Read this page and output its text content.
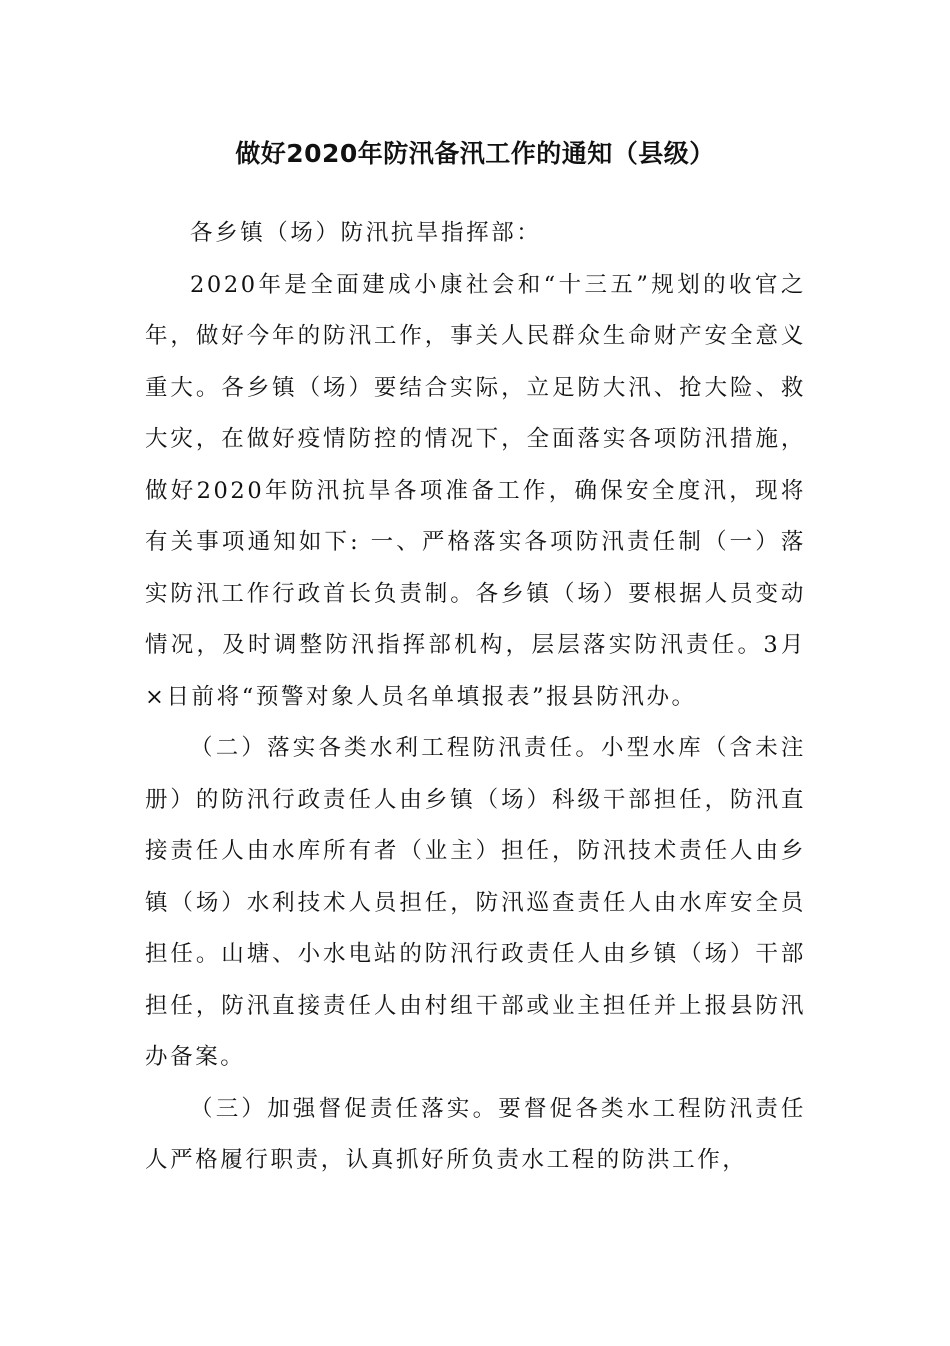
做好2020年防汛备汛工作的通知（县级）

各乡镇（场）防汛抗旱指挥部：

2020年是全面建成小康社会和“十三五”规划的收官之年，做好今年的防汛工作，事关人民群众生命财产安全意义重大。各乡镇（场）要结合实际，立足防大汛、抢大险、救大灾，在做好疫情防控的情况下，全面落实各项防汛措施，做好2020年防汛抗旱各项准备工作，确保安全度汛，现将有关事项通知如下: 一、严格落实各项防汛责任制（一）落实防汛工作行政首长负责制。各乡镇（场）要根据人员变动情况，及时调整防汛指挥部机构，层层落实防汛责任。3月×日前将“预警对象人员名单填报表”报县防汛办。

（二）落实各类水利工程防汛责任。小型水库（含未注册）的防汛行政责任人由乡镇（场）科级干部担任，防汛直接责任人由水库所有者（业主）担任，防汛技术责任人由乡镇（场）水利技术人员担任，防汛巡查责任人由水库安全员担任。山塘、小水电站的防汛行政责任人由乡镇（场）干部担任，防汛直接责任人由村组干部或业主担任并上报县防汛办备案。

（三）加强督促责任落实。要督促各类水工程防汛责任人严格履行职责，认真抓好所负责水工程的防洪工作，
